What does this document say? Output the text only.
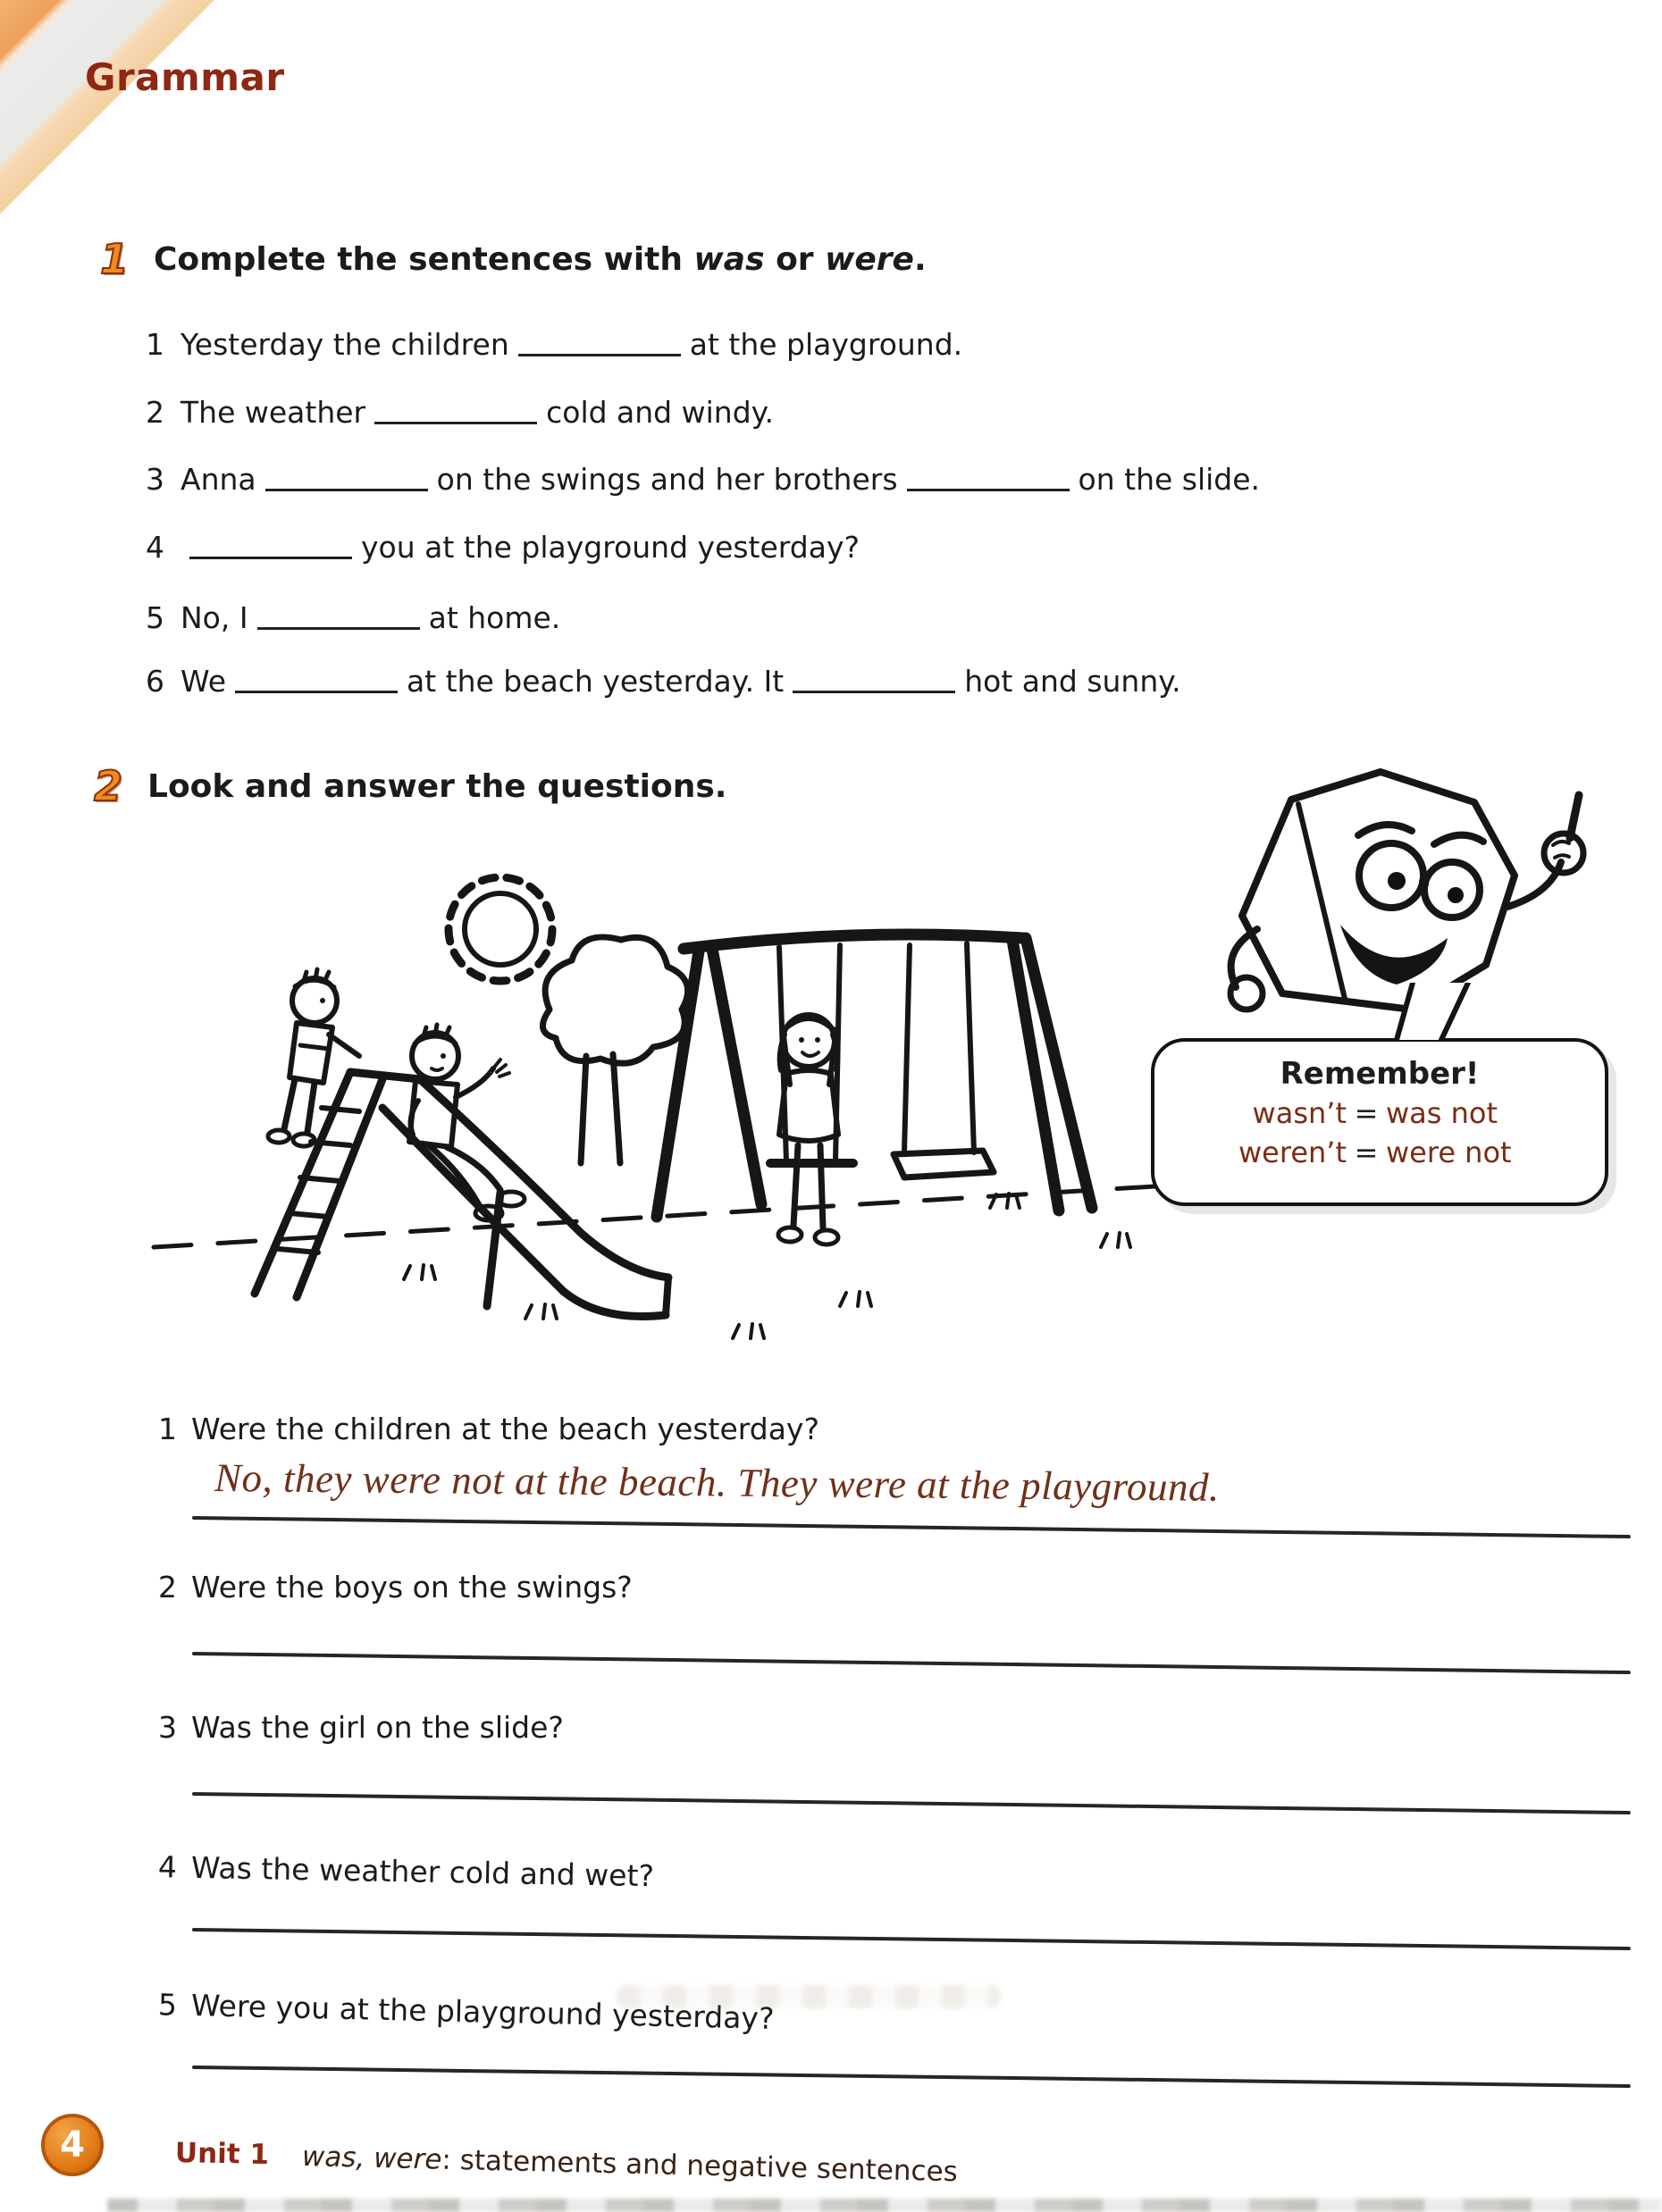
Grammar
1 Complete the sentences with was or were.
1 Yesterday the children	at the playground.
2 The weather	cold and windy.
3 Anna	on the swings and her brothers	on the slide.
4	you at the playground yesterday?
5 No, I	at home.
6 We	at the beach yesterday. It	hot and sunny.
2 Look and answer the questions.
Remember!
wasn’t = was not
weren’t = were not
1 Were the children at the beach yesterday?
No, they were not at the beach. They were at the playground.
2 Were the boys on the swings?
3 Was the girl on the slide?
4 Was the weather cold and wet?
5 Were you at the playground yesterday?
4	Unit 1 was, were: statements and negative sentences
